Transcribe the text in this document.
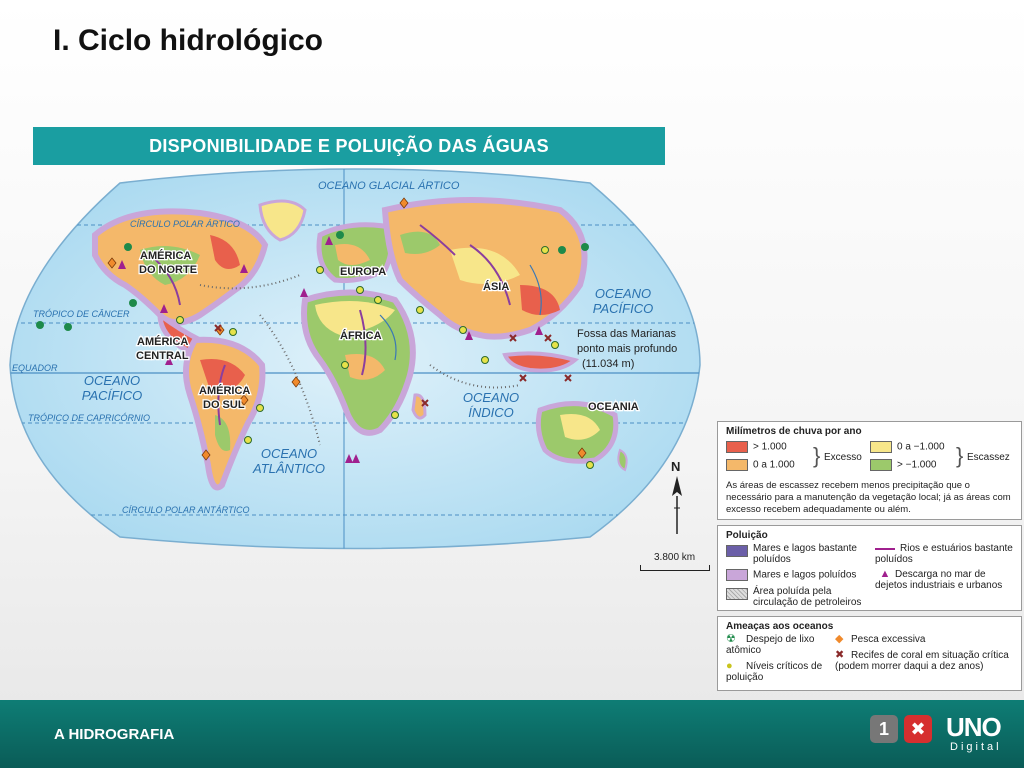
I. Ciclo hidrológico
DISPONIBILIDADE E POLUIÇÃO DAS ÁGUAS
OCEANO GLACIAL ÁRTICO
CÍRCULO POLAR ÁRTICO
TRÓPICO DE CÂNCER
EQUADOR
TRÓPICO DE CAPRICÓRNIO
CÍRCULO POLAR ANTÁRTICO
AMÉRICA
DO NORTE
AMÉRICA
CENTRAL
AMÉRICA
DO SUL
EUROPA
ÁSIA
ÁFRICA
OCEANIA
OCEANO
PACÍFICO
OCEANO
PACÍFICO
OCEANO
ATLÂNTICO
OCEANO
ÍNDICO
Fossa das Marianas
ponto mais profundo
(11.034 m)
N
3.800 km
Milímetros de chuva por ano
> 1.000
0 a 1.000 } Excesso
0 a −1.000
> −1.000 } Escassez
As áreas de escassez recebem menos precipitação que o necessário para a manutenção da vegetação local; já as áreas com excesso recebem adequadamente ou além.
Poluição
Mares e lagos bastante poluídos
Mares e lagos poluídos
Área poluída pela circulação de petroleiros
Rios e estuários bastante poluídos
▲ Descarga no mar de dejetos industriais e urbanos
Ameaças aos oceanos
☢	Despejo de lixo atômico
●	Níveis críticos de poluição
◆ Pesca excessiva
✖ Recifes de coral em situação crítica (podem morrer daqui a dez anos)
A HIDROGRAFIA	1	✖ UNO
Digital
